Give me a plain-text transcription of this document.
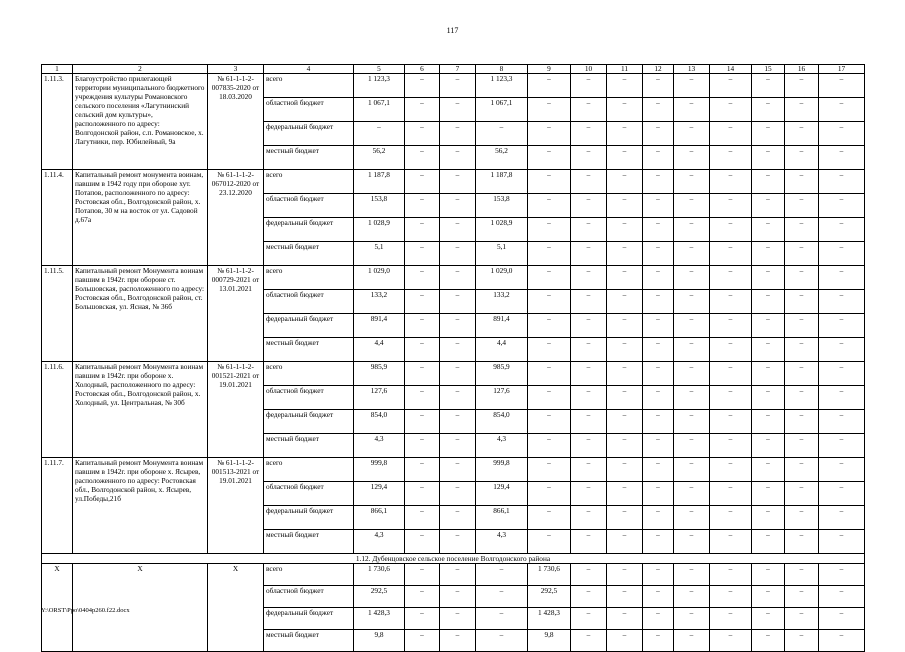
117
1	2	3	4	5	6	7	8	9	10	11	12	13	14	15	16	17
1.11.3.	Благоустройство прилегающей территории муниципального бюджетного учреждения культуры Романовского сельского поселения «Лагутнинский сельский дом культуры», расположенного по адресу: Волгодонской район, с.п. Романовское, х. Лагутники, пер. Юбилейный, 9а	№ 61-1-1-2-007835-2020 от 18.03.2020	всего	1 123,3	–	–	1 123,3	–	–	–	–	–	–	–	–	–
			областной бюджет	1 067,1	–	–	1 067,1	–	–	–	–	–	–	–	–	–
			федеральный бюджет	–	–	–	–	–	–	–	–	–	–	–	–	–
			местный бюджет	56,2	–	–	56,2	–	–	–	–	–	–	–	–	–
1.11.4.	Капитальный ремонт монумента воинам, павшим в 1942 году при обороне хут. Потапов, расположенного по адресу: Ростовская обл., Волгодонской район, х. Потапов, 30 м на восток от ул. Садовой д.67а	№ 61-1-1-2-067012-2020 от 23.12.2020	всего	1 187,8	–	–	1 187,8	–	–	–	–	–	–	–	–	–
			областной бюджет	153,8	–	–	153,8	–	–	–	–	–	–	–	–	–
			федеральный бюджет	1 028,9	–	–	1 028,9	–	–	–	–	–	–	–	–	–
			местный бюджет	5,1	–	–	5,1	–	–	–	–	–	–	–	–	–
1.11.5.	Капитальный ремонт Монумента воинам павшим в 1942г. при обороне ст. Большовская, расположенного по адресу: Ростовская обл., Волгодонской район, ст. Большовская, ул. Ясная, № 36б	№ 61-1-1-2-000729-2021 от 13.01.2021	всего	1 029,0	–	–	1 029,0	–	–	–	–	–	–	–	–	–
			областной бюджет	133,2	–	–	133,2	–	–	–	–	–	–	–	–	–
			федеральный бюджет	891,4	–	–	891,4	–	–	–	–	–	–	–	–	–
			местный бюджет	4,4	–	–	4,4	–	–	–	–	–	–	–	–	–
1.11.6.	Капитальный ремонт Монумента воинам павшим в 1942г. при обороне х. Холодный, расположенного по адресу: Ростовская обл., Волгодонской район, х. Холодный, ул. Центральная, № 30б	№ 61-1-1-2-001521-2021 от 19.01.2021	всего	985,9	–	–	985,9	–	–	–	–	–	–	–	–	–
			областной бюджет	127,6	–	–	127,6	–	–	–	–	–	–	–	–	–
			федеральный бюджет	854,0	–	–	854,0	–	–	–	–	–	–	–	–	–
			местный бюджет	4,3	–	–	4,3	–	–	–	–	–	–	–	–	–
1.11.7.	Капитальный ремонт Монумента воинам павшим в 1942г. при обороне х. Ясырев, расположенного по адресу: Ростовская обл., Волгодонской район, х. Ясырев, ул.Победы,21б	№ 61-1-1-2-001513-2021 от 19.01.2021	всего	999,8	–	–	999,8	–	–	–	–	–	–	–	–	–
			областной бюджет	129,4	–	–	129,4	–	–	–	–	–	–	–	–	–
			федеральный бюджет	866,1	–	–	866,1	–	–	–	–	–	–	–	–	–
			местный бюджет	4,3	–	–	4,3	–	–	–	–	–	–	–	–	–
1.12. Дубенцовское сельское поселение Волгодонского района																
Х	Х	Х	всего	1 730,6	–	–	–	1 730,6	–	–	–	–	–	–	–	–
			областной бюджет	292,5	–	–	–	292,5	–	–	–	–	–	–	–	–
			федеральный бюджет	1 428,3	–	–	–	1 428,3	–	–	–	–	–	–	–	–
			местный бюджет	9,8	–	–	–	9,8	–	–	–	–	–	–	–	–
Y:\ORST\Ppo\0404p260.f22.docx
